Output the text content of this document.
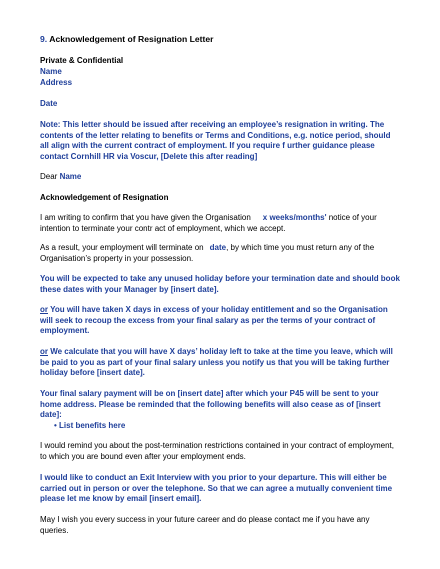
9. Acknowledgement of Resignation Letter

Private & Confidential

Name

Address

Date

Note: This letter should be issued after receiving an employee’s resignation in writing. The contents of the letter relating to benefits or Terms and Conditions, e.g. notice period, should all align with the current contract of employment. If you require f urther guidance please contact Cornhill HR via Voscur, [Delete this after reading]

Dear Name

Acknowledgement of Resignation

I am writing to confirm that you have given the Organisation x weeks/months' notice of your intention to terminate your contr act of employment, which we accept.

As a result, your employment will terminate on date, by which time you must return any of the Organisation’s property in your possession.

You will be expected to take any unused holiday before your termination date and should book these dates with your Manager by [insert date].

or You will have taken X days in excess of your holiday entitlement and so the Organisation will seek to recoup the excess from your final salary as per the terms of your contract of employment.

or We calculate that you will have X days’ holiday left to take at the time you leave, which will be paid to you as part of your final salary unless you notify us that you will be taking further holiday before [insert date].

Your final salary payment will be on [insert date] after which your P45 will be sent to your home address. Please be reminded that the following benefits will also cease as of [insert date]:

• List benefits here

I would remind you about the post-termination restrictions contained in your contract of employment, to which you are bound even after your employment ends.

I would like to conduct an Exit Interview with you prior to your departure. This will either be carried out in person or over the telephone. So that we can agree a mutually convenient time please let me know by email [insert email].

May I wish you every success in your future career and do please contact me if you have any queries.
